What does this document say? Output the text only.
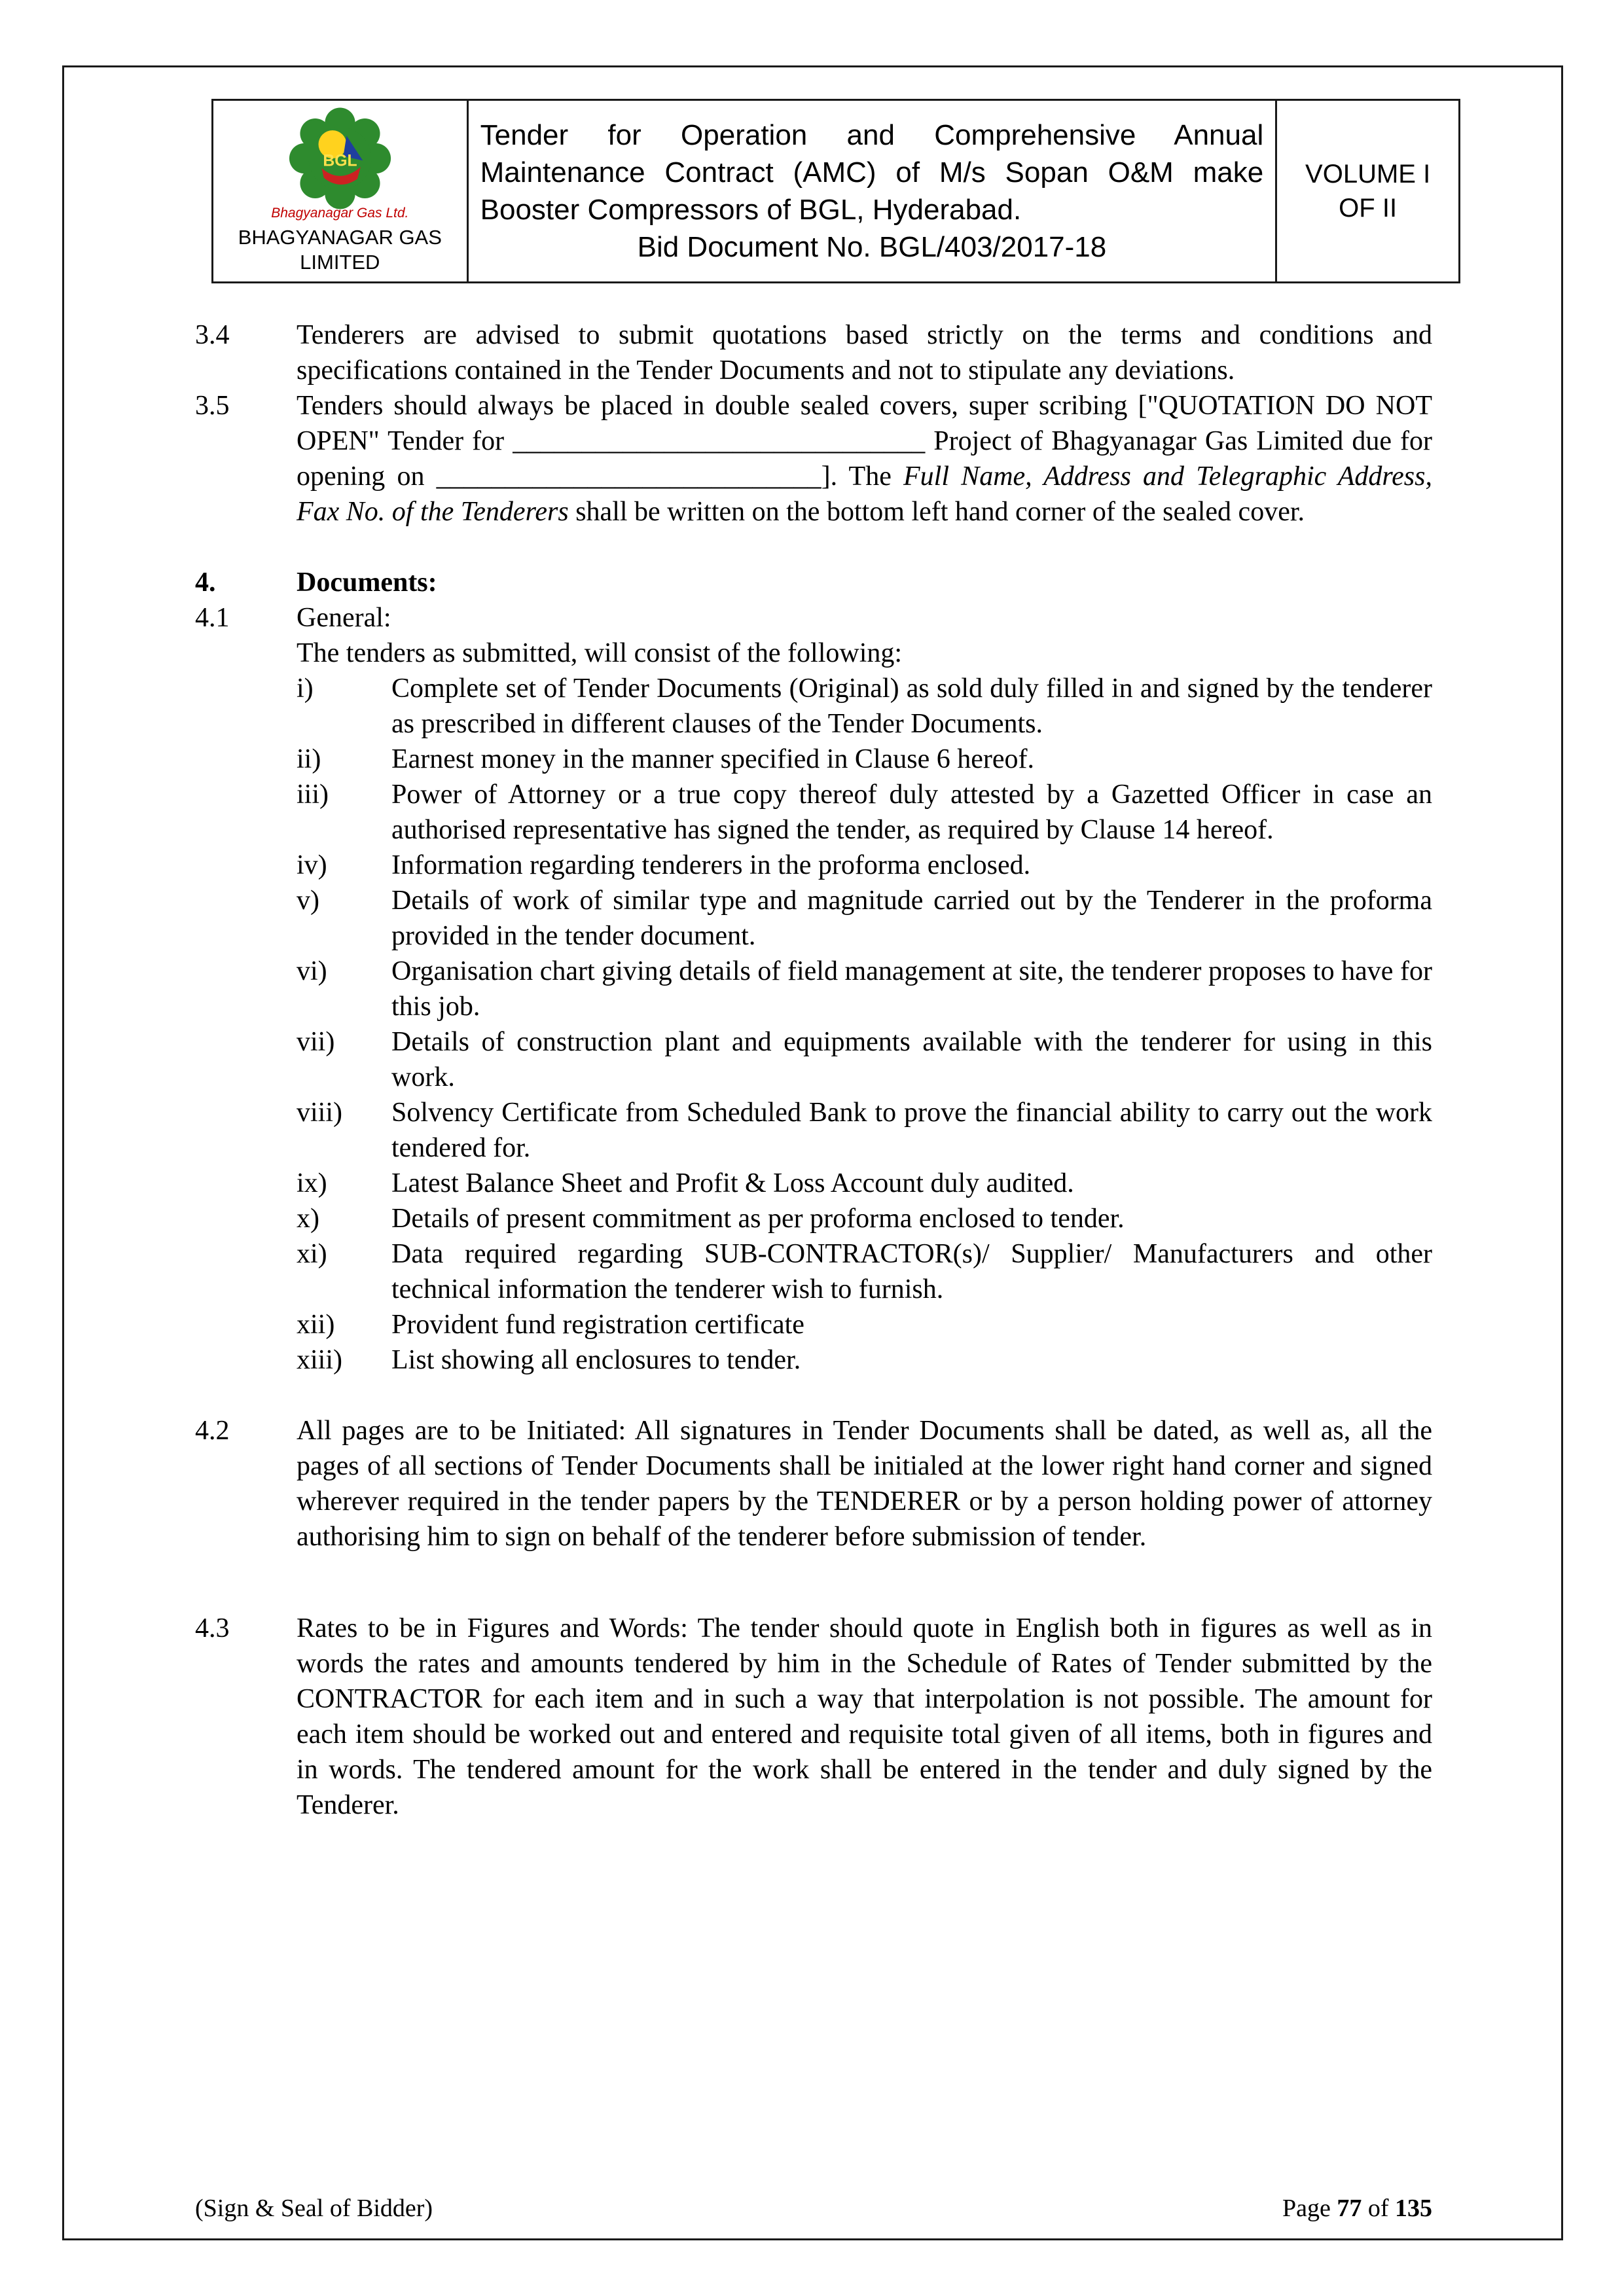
BGL
Bhagyanagar Gas Ltd.
BHAGYANAGAR GAS
LIMITED

Tender for Operation and Comprehensive Annual Maintenance Contract (AMC) of M/s Sopan O&M make Booster Compressors of BGL, Hyderabad.
Bid Document No. BGL/403/2017-18

VOLUME I
OF II
3.4	Tenderers are advised to submit quotations based strictly on the terms and conditions and specifications contained in the Tender Documents and not to stipulate any deviations.
3.5	Tenders should always be placed in double sealed covers, super scribing ["QUOTATION DO NOT OPEN" Tender for ______________________________ Project of Bhagyanagar Gas Limited due for opening on ____________________________]. The Full Name, Address and Telegraphic Address, Fax No. of the Tenderers shall be written on the bottom left hand corner of the sealed cover.
4.	Documents:
4.1	General:
The tenders as submitted, will consist of the following:
i)	Complete set of Tender Documents (Original) as sold duly filled in and signed by the tenderer as prescribed in different clauses of the Tender Documents.
ii)	Earnest money in the manner specified in Clause 6 hereof.
iii)	Power of Attorney or a true copy thereof duly attested by a Gazetted Officer in case an authorised representative has signed the tender, as required by Clause 14 hereof.
iv)	Information regarding tenderers in the proforma enclosed.
v)	Details of work of similar type and magnitude carried out by the Tenderer in the proforma provided in the tender document.
vi)	Organisation chart giving details of field management at site, the tenderer proposes to have for this job.
vii)	Details of construction plant and equipments available with the tenderer for using in this work.
viii)	Solvency Certificate from Scheduled Bank to prove the financial ability to carry out the work tendered for.
ix)	Latest Balance Sheet and Profit & Loss Account duly audited.
x)	Details of present commitment as per proforma enclosed to tender.
xi)	Data required regarding SUB-CONTRACTOR(s)/ Supplier/ Manufacturers and other technical information the tenderer wish to furnish.
xii)	Provident fund registration certificate
xiii)	List showing all enclosures to tender.
4.2	All pages are to be Initiated: All signatures in Tender Documents shall be dated, as well as, all the pages of all sections of Tender Documents shall be initialed at the lower right hand corner and signed wherever required in the tender papers by the TENDERER or by a person holding power of attorney authorising him to sign on behalf of the tenderer before submission of tender.
4.3	Rates to be in Figures and Words: The tender should quote in English both in figures as well as in words the rates and amounts tendered by him in the Schedule of Rates of Tender submitted by the CONTRACTOR for each item and in such a way that interpolation is not possible. The amount for each item should be worked out and entered and requisite total given of all items, both in figures and in words. The tendered amount for the work shall be entered in the tender and duly signed by the Tenderer.
(Sign & Seal of Bidder)	Page 77 of 135
